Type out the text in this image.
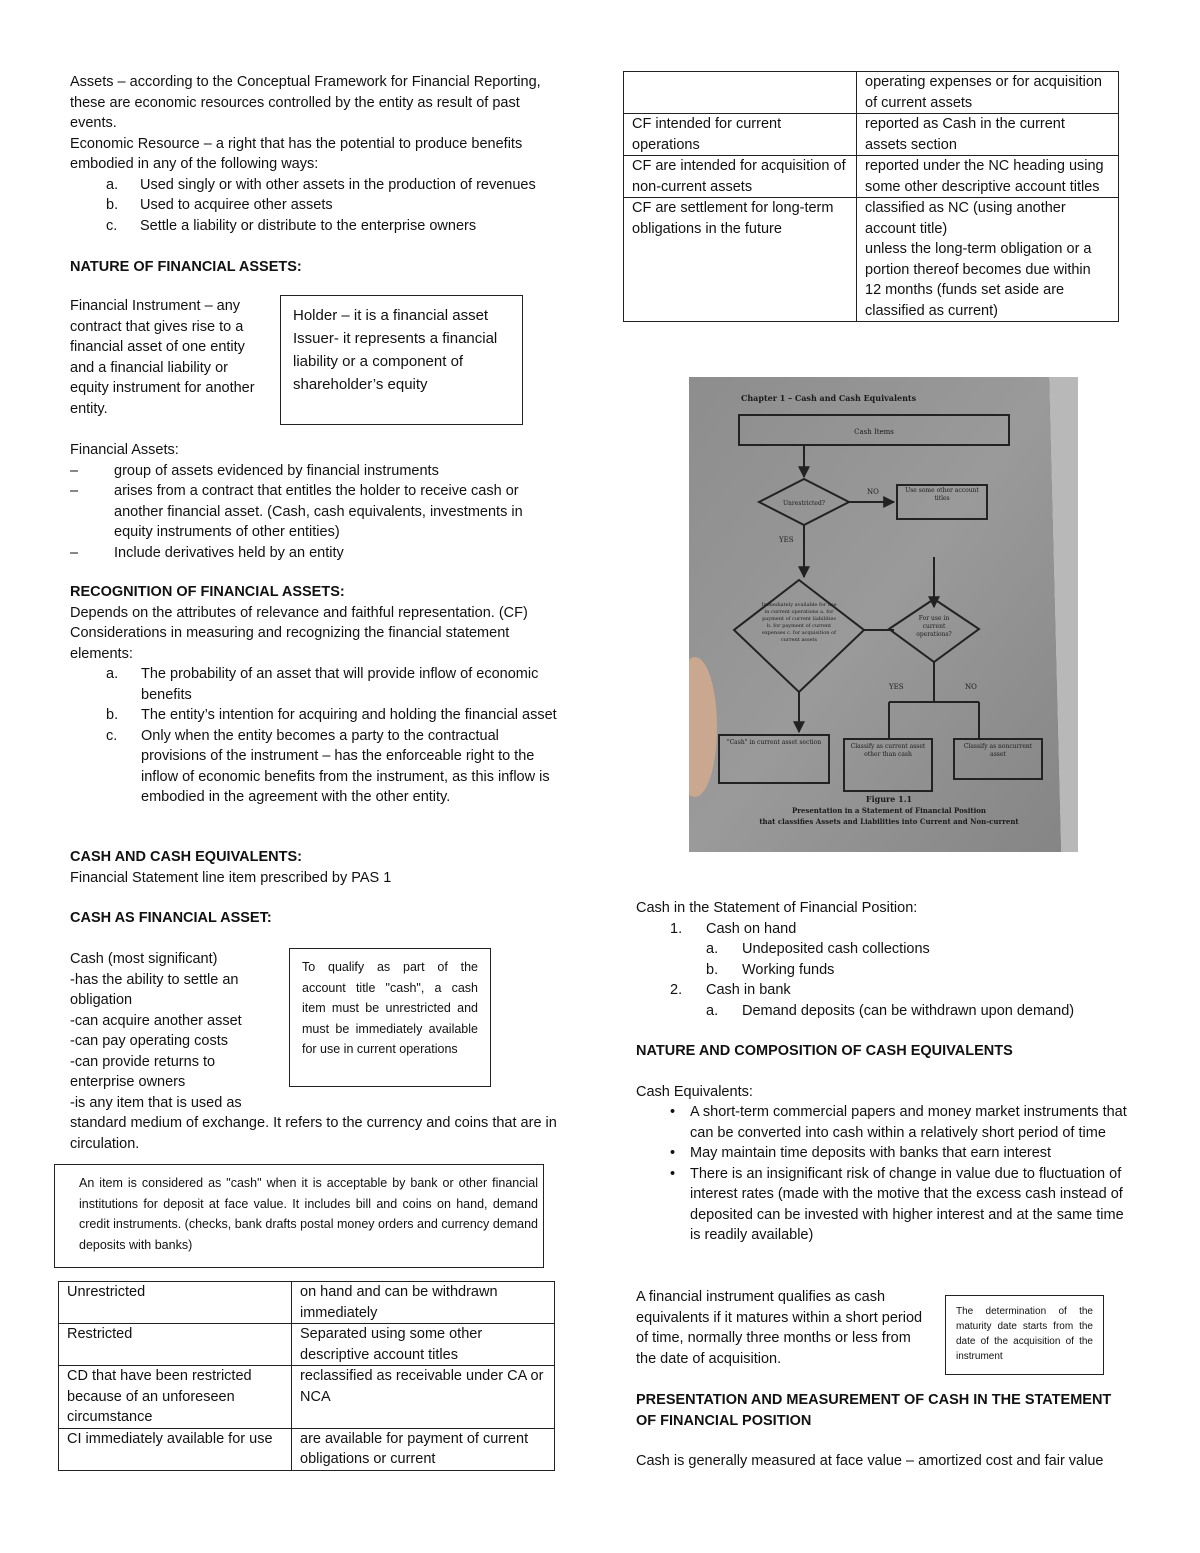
Assets – according to the Conceptual Framework for Financial Reporting, these are economic resources controlled by the entity as result of past events.

Economic Resource – a right that has the potential to produce benefits embodied in any of the following ways:

a.	Used singly or with other assets in the production of revenues
b.	Used to acquiree other assets
c.	Settle a liability or distribute to the enterprise owners

NATURE OF FINANCIAL ASSETS:

Financial Instrument – any contract that gives rise to a financial asset of one entity and a financial liability or equity instrument for another entity.

Holder – it is a financial asset

Issuer- it represents a financial liability or a component of shareholder’s equity

Financial Assets:

–	group of assets evidenced by financial instruments
–	arises from a contract that entitles the holder to receive cash or another financial asset. (Cash, cash equivalents, investments in equity instruments of other entities)
–	Include derivatives held by an entity

RECOGNITION OF FINANCIAL ASSETS:

Depends on the attributes of relevance and faithful representation. (CF)

Considerations in measuring and recognizing the financial statement elements:

a.	The probability of an asset that will provide inflow of economic benefits
b.	The entity’s intention for acquiring and holding the financial asset
c.	Only when the entity becomes a party to the contractual provisions of the instrument – has the enforceable right to the inflow of economic benefits from the instrument, as this inflow is embodied in the agreement with the other entity.

CASH AND CASH EQUIVALENTS:

Financial Statement line item prescribed by PAS 1

CASH AS FINANCIAL ASSET:

Cash (most significant)

-has the ability to settle an obligation

-can acquire another asset

-can pay operating costs

-can provide returns to enterprise owners

-is any item that is used as

standard medium of exchange. It refers to the currency and coins that are in circulation.

To qualify as part of the account title "cash", a cash item must be unrestricted and must be immediately available for use in current operations

An item is considered as "cash" when it is acceptable by bank or other financial institutions for deposit at face value. It includes bill and coins on hand, demand credit instruments. (checks, bank drafts postal money orders and currency demand deposits with banks)

Unrestricted	on hand and can be withdrawn immediately
Restricted	Separated using some other descriptive account titles
CD that have been restricted because of an unforeseen circumstance	reclassified as receivable under CA or NCA
CI immediately available for use	are available for payment of current obligations or current
	operating expenses or for acquisition of current assets
CF intended for current operations	reported as Cash in the current assets section
CF are intended for acquisition of non-current assets	reported under the NC heading using some other descriptive account titles
CF are settlement for long-term obligations in the future	classified as NC (using another account title)
unless the long-term obligation or a portion thereof becomes due within 12 months (funds set aside are classified as current)
Chapter 1 – Cash and Cash Equivalents
Cash Items
Unrestricted?
NO	Use some other account titles
YES
Immediately available for use in current operations a. for payment of current liabilities b. for payment of current expenses c. for acquisition of current assets
For use in current operations?
YES	NO
"Cash" in current asset section
Classify as current asset other than cash
Classify as noncurrent asset
Figure 1.1
Presentation in a Statement of Financial Position
that classifies Assets and Liabilities into Current and Non-current

Cash in the Statement of Financial Position:

1.	Cash on hand
a.	Undeposited cash collections
b.	Working funds
2.	Cash in bank
a.	Demand deposits (can be withdrawn upon demand)

NATURE AND COMPOSITION OF CASH EQUIVALENTS

Cash Equivalents:

•	A short-term commercial papers and money market instruments that can be converted into cash within a relatively short period of time
•	May maintain time deposits with banks that earn interest
•	There is an insignificant risk of change in value due to fluctuation of interest rates (made with the motive that the excess cash instead of deposited can be invested with higher interest and at the same time is readily available)

A financial instrument qualifies as cash equivalents if it matures within a short period of time, normally three months or less from the date of acquisition.

The determination of the maturity date starts from the date of the acquisition of the instrument

PRESENTATION AND MEASUREMENT OF CASH IN THE STATEMENT OF FINANCIAL POSITION

Cash is generally measured at face value – amortized cost and fair value
